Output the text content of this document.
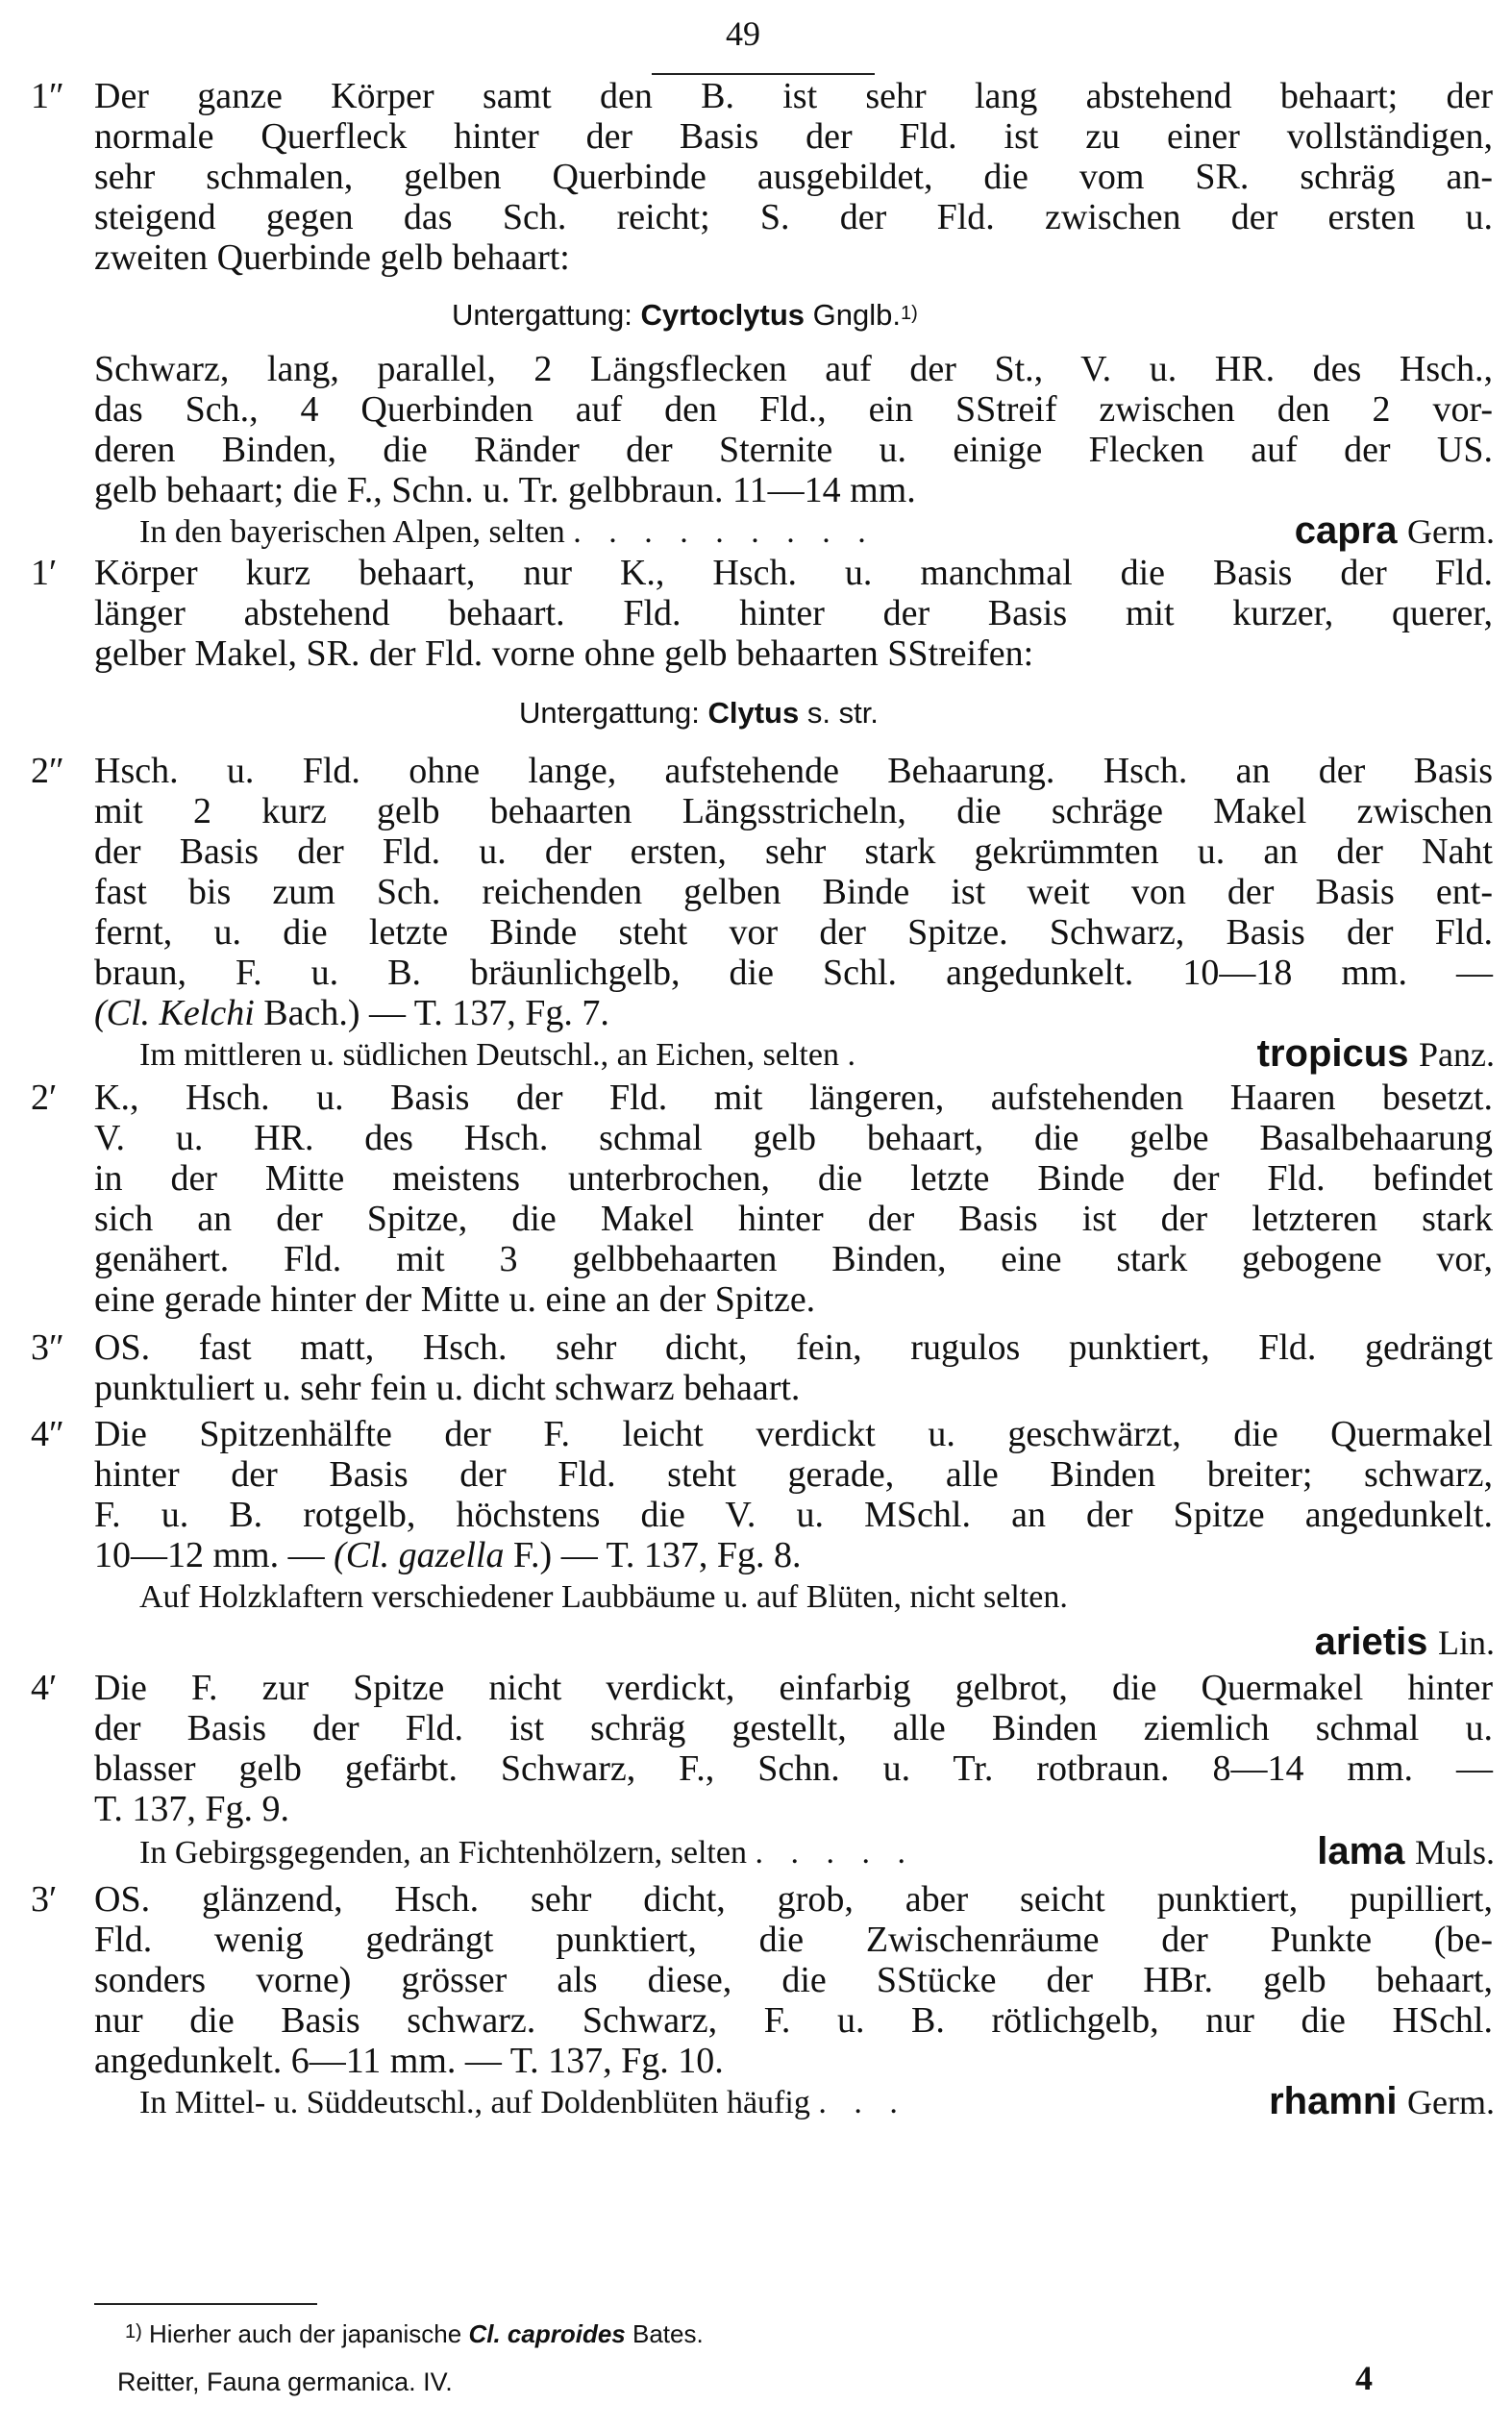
49
1″ Der ganze Körper samt den B. ist sehr lang abstehend behaart; der
normale Querfleck hinter der Basis der Fld. ist zu einer vollständigen,
sehr schmalen, gelben Querbinde ausgebildet, die vom SR. schräg an-
steigend gegen das Sch. reicht; S. der Fld. zwischen der ersten u.
zweiten Querbinde gelb behaart:
Untergattung: Cyrtoclytus Gnglb.$^{1)}$
Schwarz, lang, parallel, 2 Längsflecken auf der St., V. u. HR. des Hsch.,
das Sch., 4 Querbinden auf den Fld., ein SStreif zwischen den 2 vor-
deren Binden, die Ränder der Sternite u. einige Flecken auf der US.
gelb behaart; die F., Schn. u. Tr. gelbbraun. 11—14 mm.
In den bayerischen Alpen, selten . . . . . . . . .	capra Germ.
1′ Körper kurz behaart, nur K., Hsch. u. manchmal die Basis der Fld.
länger abstehend behaart. Fld. hinter der Basis mit kurzer, querer,
gelber Makel, SR. der Fld. vorne ohne gelb behaarten SStreifen:
Untergattung: Clytus s. str.
2″ Hsch. u. Fld. ohne lange, aufstehende Behaarung. Hsch. an der Basis
mit 2 kurz gelb behaarten Längsstricheln, die schräge Makel zwischen
der Basis der Fld. u. der ersten, sehr stark gekrümmten u. an der Naht
fast bis zum Sch. reichenden gelben Binde ist weit von der Basis ent-
fernt, u. die letzte Binde steht vor der Spitze. Schwarz, Basis der Fld.
braun, F. u. B. bräunlichgelb, die Schl. angedunkelt. 10—18 mm. —
(Cl. Kelchi Bach.) — T. 137, Fg. 7.
Im mittleren u. südlichen Deutschl., an Eichen, selten .	tropicus Panz.
2′ K., Hsch. u. Basis der Fld. mit längeren, aufstehenden Haaren besetzt.
V. u. HR. des Hsch. schmal gelb behaart, die gelbe Basalbehaarung
in der Mitte meistens unterbrochen, die letzte Binde der Fld. befindet
sich an der Spitze, die Makel hinter der Basis ist der letzteren stark
genähert. Fld. mit 3 gelbbehaarten Binden, eine stark gebogene vor,
eine gerade hinter der Mitte u. eine an der Spitze.
3″ OS. fast matt, Hsch. sehr dicht, fein, rugulos punktiert, Fld. gedrängt
punktuliert u. sehr fein u. dicht schwarz behaart.
4″ Die Spitzenhälfte der F. leicht verdickt u. geschwärzt, die Quermakel
hinter der Basis der Fld. steht gerade, alle Binden breiter; schwarz,
F. u. B. rotgelb, höchstens die V. u. MSchl. an der Spitze angedunkelt.
10—12 mm. — (Cl. gazella F.) — T. 137, Fg. 8.
Auf Holzklaftern verschiedener Laubbäume u. auf Blüten, nicht selten.
arietis Lin.
4′ Die F. zur Spitze nicht verdickt, einfarbig gelbrot, die Quermakel hinter
der Basis der Fld. ist schräg gestellt, alle Binden ziemlich schmal u.
blasser gelb gefärbt. Schwarz, F., Schn. u. Tr. rotbraun. 8—14 mm. —
T. 137, Fg. 9.
In Gebirgsgegenden, an Fichtenhölzern, selten . . . . .	lama Muls.
3′ OS. glänzend, Hsch. sehr dicht, grob, aber seicht punktiert, pupilliert,
Fld. wenig gedrängt punktiert, die Zwischenräume der Punkte (be-
sonders vorne) grösser als diese, die SStücke der HBr. gelb behaart,
nur die Basis schwarz. Schwarz, F. u. B. rötlichgelb, nur die HSchl.
angedunkelt. 6—11 mm. — T. 137, Fg. 10.
In Mittel- u. Süddeutschl., auf Doldenblüten häufig . . .	rhamni Germ.
$^{1)}$ Hierher auch der japanische Cl. caproides Bates.
Reitter, Fauna germanica. IV.	4
